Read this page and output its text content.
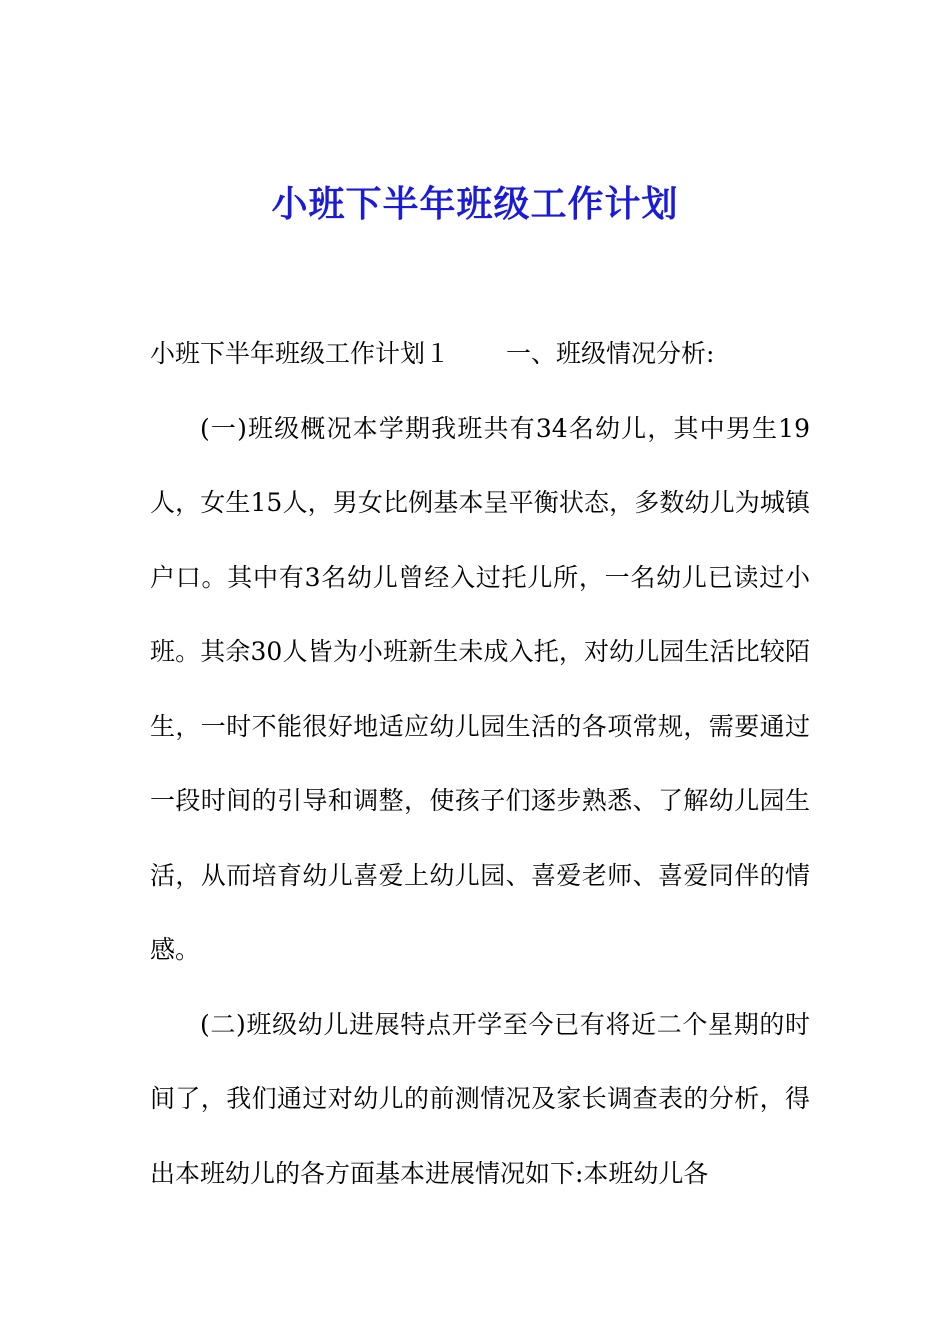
小班下半年班级工作计划

小班下半年班级工作计划１ 一、班级情况分析:

(一)班级概况本学期我班共有34名幼儿，其中男生19人，女生15人，男女比例基本呈平衡状态，多数幼儿为城镇户口。其中有3名幼儿曾经入过托儿所，一名幼儿已读过小班。其余30人皆为小班新生未成入托，对幼儿园生活比较陌生，一时不能很好地适应幼儿园生活的各项常规，需要通过一段时间的引导和调整，使孩子们逐步熟悉、了解幼儿园生活，从而培育幼儿喜爱上幼儿园、喜爱老师、喜爱同伴的情感。

(二)班级幼儿进展特点开学至今已有将近二个星期的时间了，我们通过对幼儿的前测情况及家长调查表的分析，得出本班幼儿的各方面基本进展情况如下:本班幼儿各
